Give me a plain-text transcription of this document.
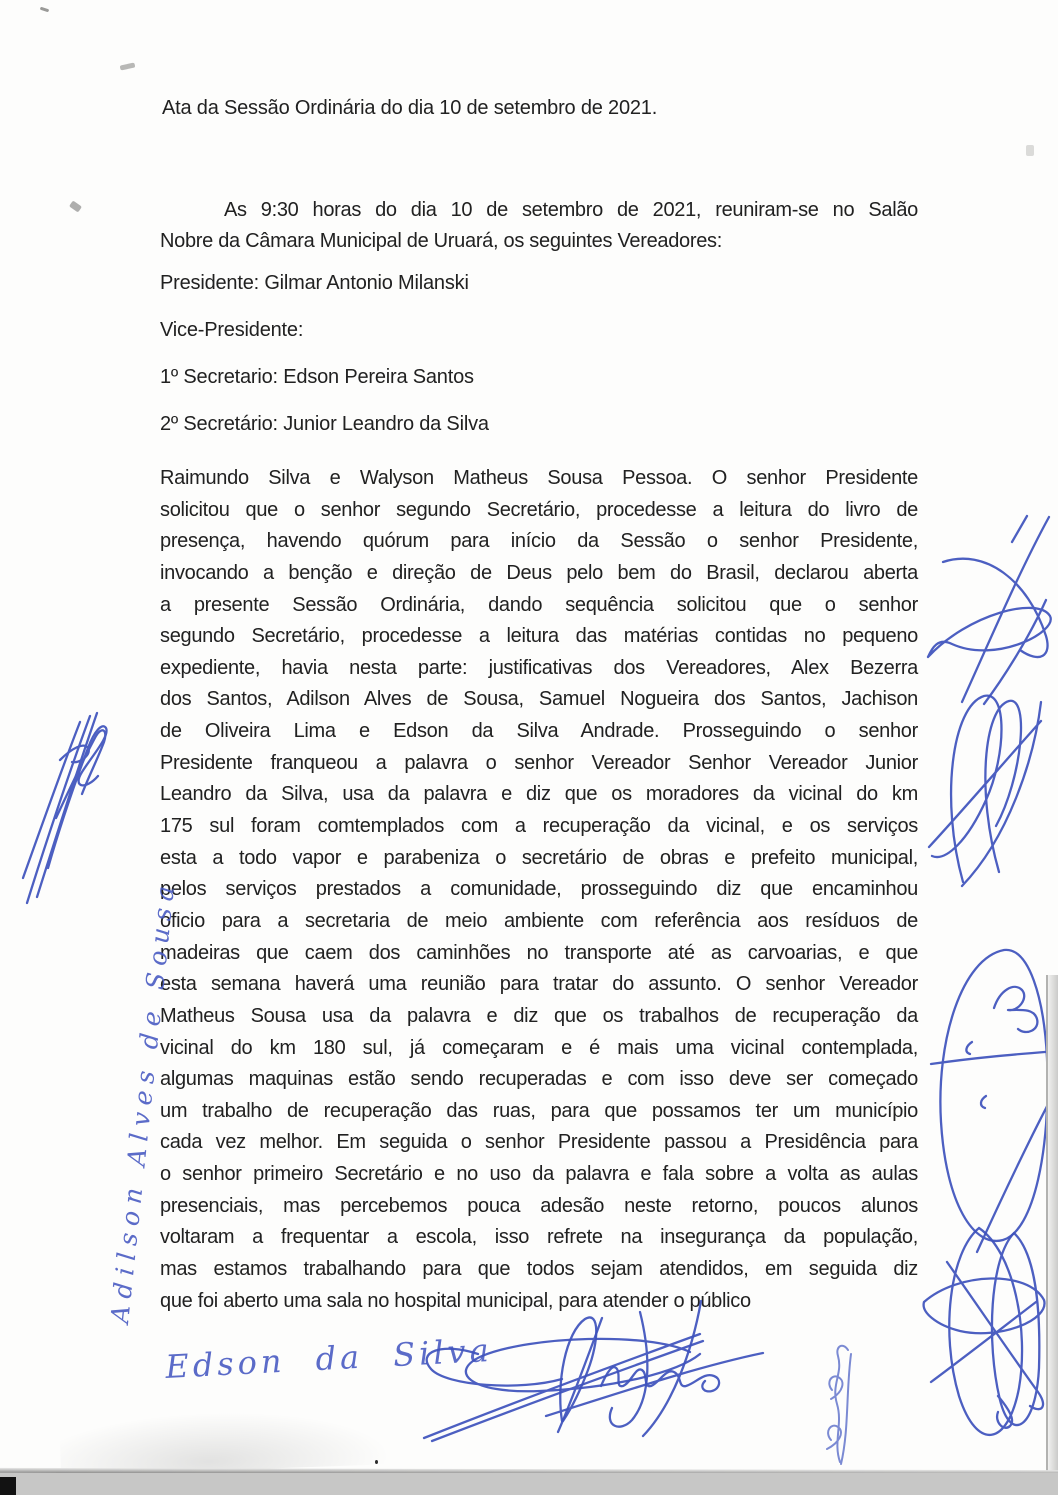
Ata da Sessão Ordinária do dia 10 de setembro de 2021.
As 9:30 horas do dia 10 de setembro de 2021, reuniram-se no Salão
Nobre da Câmara Municipal de Uruará, os seguintes Vereadores:
Presidente: Gilmar Antonio Milanski
Vice-Presidente:
1º Secretario: Edson Pereira Santos
2º Secretário: Junior Leandro da Silva
Raimundo Silva e Walyson Matheus Sousa Pessoa. O senhor Presidente
solicitou que o senhor segundo Secretário, procedesse a leitura do livro de
presença, havendo quórum para início da Sessão o senhor Presidente,
invocando a benção e direção de Deus pelo bem do Brasil, declarou aberta
a presente Sessão Ordinária, dando sequência solicitou que o senhor
segundo Secretário, procedesse a leitura das matérias contidas no pequeno
expediente, havia nesta parte: justificativas dos Vereadores, Alex Bezerra
dos Santos, Adilson Alves de Sousa, Samuel Nogueira dos Santos, Jachison
de Oliveira Lima e Edson da Silva Andrade. Prosseguindo o senhor
Presidente franqueou a palavra o senhor Vereador Senhor Vereador Junior
Leandro da Silva, usa da palavra e diz que os moradores da vicinal do km
175 sul foram comtemplados com a recuperação da vicinal, e os serviços
esta a todo vapor e parabeniza o secretário de obras e prefeito municipal,
pelos serviços prestados a comunidade, prosseguindo diz que encaminhou
oficio para a secretaria de meio ambiente com referência aos resíduos de
madeiras que caem dos caminhões no transporte até as carvoarias, e que
esta semana haverá uma reunião para tratar do assunto. O senhor Vereador
Matheus Sousa usa da palavra e diz que os trabalhos de recuperação da
vicinal do km 180 sul, já começaram e é mais uma vicinal contemplada,
algumas maquinas estão sendo recuperadas e com isso deve ser começado
um trabalho de recuperação das ruas, para que possamos ter um município
cada vez melhor. Em seguida o senhor Presidente passou a Presidência para
o senhor primeiro Secretário e no uso da palavra e fala sobre a volta as aulas
presenciais, mas percebemos pouca adesão neste retorno, poucos alunos
voltaram a frequentar a escola, isso refrete na insegurança da população,
mas estamos trabalhando para que todos sejam atendidos, em seguida diz
que foi aberto uma sala no hospital municipal, para atender o público
Adilson Alves de Sousa
Edson da Silva
